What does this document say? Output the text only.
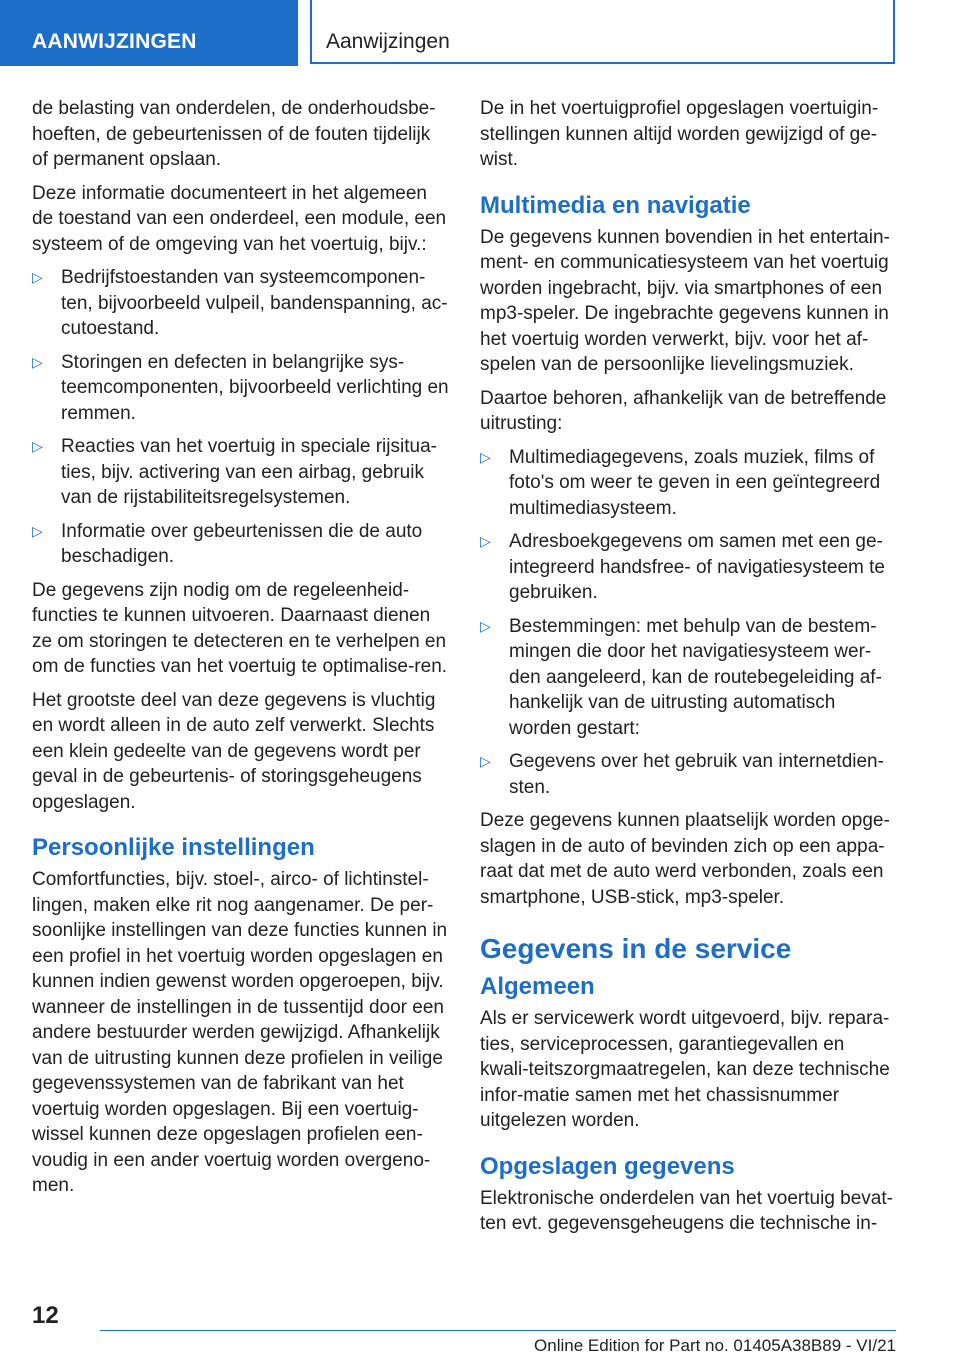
AANWIJZINGEN	Aanwijzingen

de belasting van onderdelen, de onderhoudsbe-hoeften, de gebeurtenissen of de fouten tijdelijk of permanent opslaan.

Deze informatie documenteert in het algemeen de toestand van een onderdeel, een module, een systeem of de omgeving van het voertuig, bijv.:

▷ Bedrijfstoestanden van systeemcomponen-ten, bijvoorbeeld vulpeil, bandenspanning, ac-cutoestand.
▷ Storingen en defecten in belangrijke sys-teemcomponenten, bijvoorbeeld verlichting en remmen.
▷ Reacties van het voertuig in speciale rijsitua-ties, bijv. activering van een airbag, gebruik van de rijstabiliteitsregelsystemen.
▷ Informatie over gebeurtenissen die de auto beschadigen.

De gegevens zijn nodig om de regeleenheid-functies te kunnen uitvoeren. Daarnaast dienen ze om storingen te detecteren en te verhelpen en om de functies van het voertuig te optimalise-ren.

Het grootste deel van deze gegevens is vluchtig en wordt alleen in de auto zelf verwerkt. Slechts een klein gedeelte van de gegevens wordt per geval in de gebeurtenis- of storingsgeheugens opgeslagen.

Persoonlijke instellingen

Comfortfuncties, bijv. stoel-, airco- of lichtinstel-lingen, maken elke rit nog aangenamer. De per-soonlijke instellingen van deze functies kunnen in een profiel in het voertuig worden opgeslagen en kunnen indien gewenst worden opgeroepen, bijv. wanneer de instellingen in de tussentijd door een andere bestuurder werden gewijzigd. Afhankelijk van de uitrusting kunnen deze profielen in veilige gegevenssystemen van de fabrikant van het voertuig worden opgeslagen. Bij een voertuig-wissel kunnen deze opgeslagen profielen een-voudig in een ander voertuig worden overgeno-men.

De in het voertuigprofiel opgeslagen voertuigin-stellingen kunnen altijd worden gewijzigd of ge-wist.

Multimedia en navigatie

De gegevens kunnen bovendien in het entertain-ment- en communicatiesysteem van het voertuig worden ingebracht, bijv. via smartphones of een mp3-speler. De ingebrachte gegevens kunnen in het voertuig worden verwerkt, bijv. voor het af-spelen van de persoonlijke lievelingsmuziek.

Daartoe behoren, afhankelijk van de betreffende uitrusting:

▷ Multimediagegevens, zoals muziek, films of foto's om weer te geven in een geïntegreerd multimediasysteem.
▷ Adresboekgegevens om samen met een ge-integreerd handsfree- of navigatiesysteem te gebruiken.
▷ Bestemmingen: met behulp van de bestem-mingen die door het navigatiesysteem wer-den aangeleerd, kan de routebegeleiding af-hankelijk van de uitrusting automatisch worden gestart:
▷ Gegevens over het gebruik van internetdien-sten.

Deze gegevens kunnen plaatselijk worden opge-slagen in de auto of bevinden zich op een appa-raat dat met de auto werd verbonden, zoals een smartphone, USB-stick, mp3-speler.

Gegevens in de service
Algemeen

Als er servicewerk wordt uitgevoerd, bijv. repara-ties, serviceprocessen, garantiegevallen en kwali-teitszorgmaatregelen, kan deze technische infor-matie samen met het chassisnummer uitgelezen worden.

Opgeslagen gegevens

Elektronische onderdelen van het voertuig bevat-ten evt. gegevensgeheugens die technische in-

12
Online Edition for Part no. 01405A38B89 - VI/21
